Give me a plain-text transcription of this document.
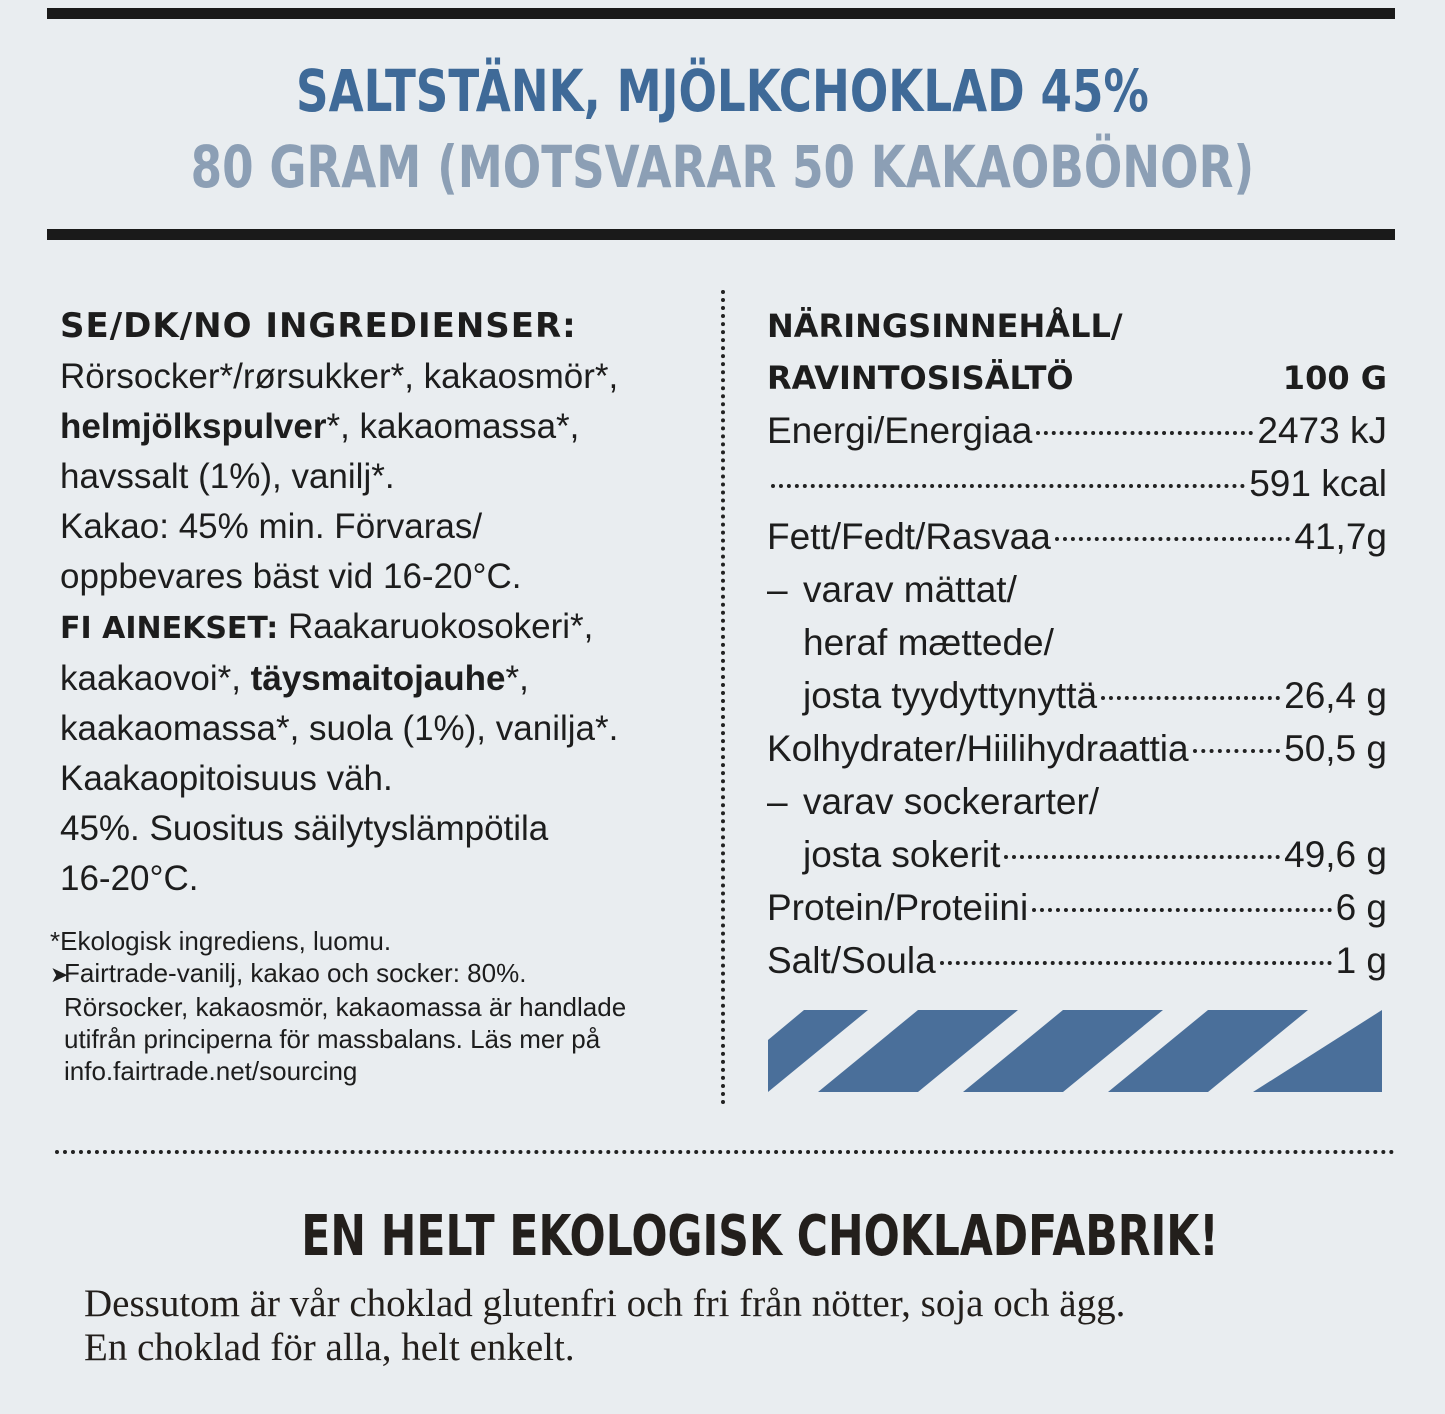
SALTSTÄNK, MJÖLKCHOKLAD 45%
80 GRAM (MOTSVARAR 50 KAKAOBÖNOR)

SE/DK/NO INGREDIENSER:

Rörsocker*/rørsukker*, kakaosmör*,

helmjölkspulver*, kakaomassa*,

havssalt (1%), vanilj*.

Kakao: 45% min. Förvaras/

oppbevares bäst vid 16-20°C.

FI AINEKSET: Raakaruokosokeri*,

kaakaovoi*, täysmaitojauhe*,

kaakaomassa*, suola (1%), vanilja*.

Kaakaopitoisuus väh.

45%. Suositus säilytyslämpötila

16-20°C.

*Ekologisk ingrediens, luomu.
➤Fairtrade-vanilj, kakao och socker: 80%.
Rörsocker, kakaosmör, kakaomassa är handlade
utifrån principerna för massbalans. Läs mer på
info.fairtrade.net/sourcing
NÄRINGSINNEHÅLL/
RAVINTOSISÄLTÖ	100 G
Energi/Energiaa	2473 kJ
591 kcal
Fett/Fedt/Rasvaa	41,7g
– varav mättat/
heraf mættede/
josta tyydyttynyttä	26,4 g
Kolhydrater/Hiilihydraattia	50,5 g
– varav sockerarter/
josta sokerit	49,6 g
Protein/Proteiini	6 g
Salt/Soula	1 g
EN HELT EKOLOGISK CHOKLADFABRIK!
Dessutom är vår choklad glutenfri och fri från nötter, soja och ägg.
En choklad för alla, helt enkelt.
